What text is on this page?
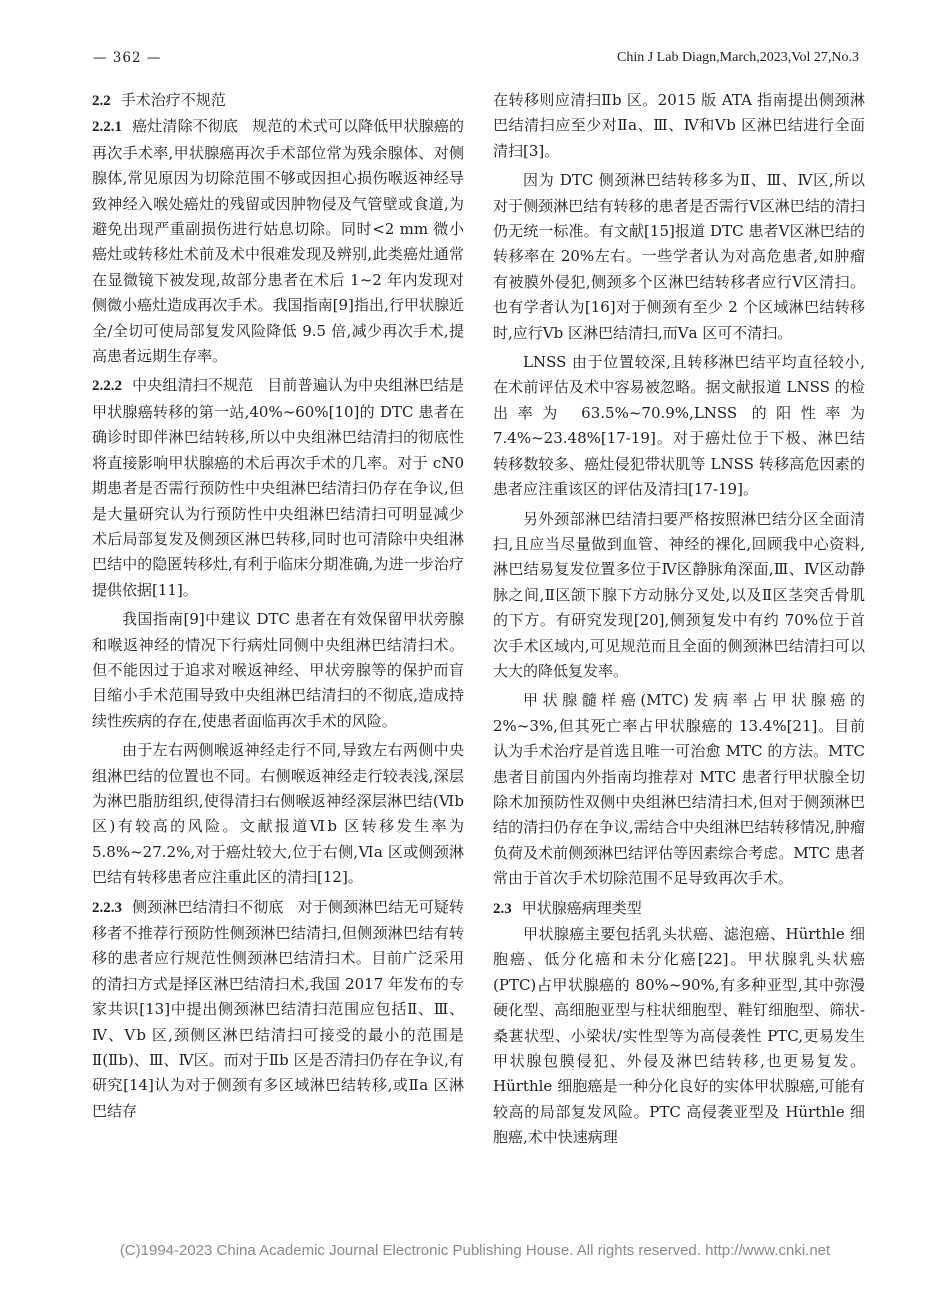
— 362 —	Chin J Lab Diagn,March,2023,Vol 27,No.3
2.2 手术治疗不规范

2.2.1 癌灶清除不彻底 规范的术式可以降低甲状腺癌的再次手术率,甲状腺癌再次手术部位常为残余腺体、对侧腺体,常见原因为切除范围不够或因担心损伤喉返神经导致神经入喉处癌灶的残留或因肿物侵及气管壁或食道,为避免出现严重副损伤进行姑息切除。同时<2 mm 微小癌灶或转移灶术前及术中很难发现及辨别,此类癌灶通常在显微镜下被发现,故部分患者在术后 1~2 年内发现对侧微小癌灶造成再次手术。我国指南[9]指出,行甲状腺近全/全切可使局部复发风险降低 9.5 倍,减少再次手术,提高患者远期生存率。

2.2.2 中央组清扫不规范 目前普遍认为中央组淋巴结是甲状腺癌转移的第一站,40%~60%[10]的 DTC 患者在确诊时即伴淋巴结转移,所以中央组淋巴结清扫的彻底性将直接影响甲状腺癌的术后再次手术的几率。对于 cN0 期患者是否需行预防性中央组淋巴结清扫仍存在争议,但是大量研究认为行预防性中央组淋巴结清扫可明显减少术后局部复发及侧颈区淋巴转移,同时也可清除中央组淋巴结中的隐匿转移灶,有利于临床分期准确,为进一步治疗提供依据[11]。

我国指南[9]中建议 DTC 患者在有效保留甲状旁腺和喉返神经的情况下行病灶同侧中央组淋巴结清扫术。但不能因过于追求对喉返神经、甲状旁腺等的保护而盲目缩小手术范围导致中央组淋巴结清扫的不彻底,造成持续性疾病的存在,使患者面临再次手术的风险。

由于左右两侧喉返神经走行不同,导致左右两侧中央组淋巴结的位置也不同。右侧喉返神经走行较表浅,深层为淋巴脂肪组织,使得清扫右侧喉返神经深层淋巴结(Ⅵb 区)有较高的风险。文献报道Ⅵb 区转移发生率为 5.8%~27.2%,对于癌灶较大,位于右侧,Ⅵa 区或侧颈淋巴结有转移患者应注重此区的清扫[12]。

2.2.3 侧颈淋巴结清扫不彻底 对于侧颈淋巴结无可疑转移者不推荐行预防性侧颈淋巴结清扫,但侧颈淋巴结有转移的患者应行规范性侧颈淋巴结清扫术。目前广泛采用的清扫方式是择区淋巴结清扫术,我国 2017 年发布的专家共识[13]中提出侧颈淋巴结清扫范围应包括Ⅱ、Ⅲ、Ⅳ、Ⅴb 区,颈侧区淋巴结清扫可接受的最小的范围是Ⅱ(Ⅱb)、Ⅲ、Ⅳ区。而对于Ⅱb 区是否清扫仍存在争议,有研究[14]认为对于侧颈有多区域淋巴结转移,或Ⅱa 区淋巴结存

在转移则应清扫Ⅱb 区。2015 版 ATA 指南提出侧颈淋巴结清扫应至少对Ⅱa、Ⅲ、Ⅳ和Ⅴb 区淋巴结进行全面清扫[3]。

因为 DTC 侧颈淋巴结转移多为Ⅱ、Ⅲ、Ⅳ区,所以对于侧颈淋巴结有转移的患者是否需行Ⅴ区淋巴结的清扫仍无统一标准。有文献[15]报道 DTC 患者Ⅴ区淋巴结的转移率在 20%左右。一些学者认为对高危患者,如肿瘤有被膜外侵犯,侧颈多个区淋巴结转移者应行Ⅴ区清扫。也有学者认为[16]对于侧颈有至少 2 个区域淋巴结转移时,应行Ⅴb 区淋巴结清扫,而Ⅴa 区可不清扫。

LNSS 由于位置较深,且转移淋巴结平均直径较小,在术前评估及术中容易被忽略。据文献报道 LNSS 的检出率为 63.5%~70.9%,LNSS 的阳性率为 7.4%~23.48%[17-19]。对于癌灶位于下极、淋巴结转移数较多、癌灶侵犯带状肌等 LNSS 转移高危因素的患者应注重该区的评估及清扫[17-19]。

另外颈部淋巴结清扫要严格按照淋巴结分区全面清扫,且应当尽量做到血管、神经的裸化,回顾我中心资料,淋巴结易复发位置多位于Ⅳ区静脉角深面,Ⅲ、Ⅳ区动静脉之间,Ⅱ区颌下腺下方动脉分叉处,以及Ⅱ区茎突舌骨肌的下方。有研究发现[20],侧颈复发中有约 70%位于首次手术区域内,可见规范而且全面的侧颈淋巴结清扫可以大大的降低复发率。

甲状腺髓样癌(MTC)发病率占甲状腺癌的 2%~3%,但其死亡率占甲状腺癌的 13.4%[21]。目前认为手术治疗是首选且唯一可治愈 MTC 的方法。MTC 患者目前国内外指南均推荐对 MTC 患者行甲状腺全切除术加预防性双侧中央组淋巴结清扫术,但对于侧颈淋巴结的清扫仍存在争议,需结合中央组淋巴结转移情况,肿瘤负荷及术前侧颈淋巴结评估等因素综合考虑。MTC 患者常由于首次手术切除范围不足导致再次手术。

2.3 甲状腺癌病理类型

甲状腺癌主要包括乳头状癌、滤泡癌、Hürthle 细胞癌、低分化癌和未分化癌[22]。甲状腺乳头状癌(PTC)占甲状腺癌的 80%~90%,有多种亚型,其中弥漫硬化型、高细胞亚型与柱状细胞型、鞋钉细胞型、筛状-桑葚状型、小梁状/实性型等为高侵袭性 PTC,更易发生甲状腺包膜侵犯、外侵及淋巴结转移,也更易复发。Hürthle 细胞癌是一种分化良好的实体甲状腺癌,可能有较高的局部复发风险。PTC 高侵袭亚型及 Hürthle 细胞癌,术中快速病理

(C)1994-2023 China Academic Journal Electronic Publishing House. All rights reserved. http://www.cnki.net
